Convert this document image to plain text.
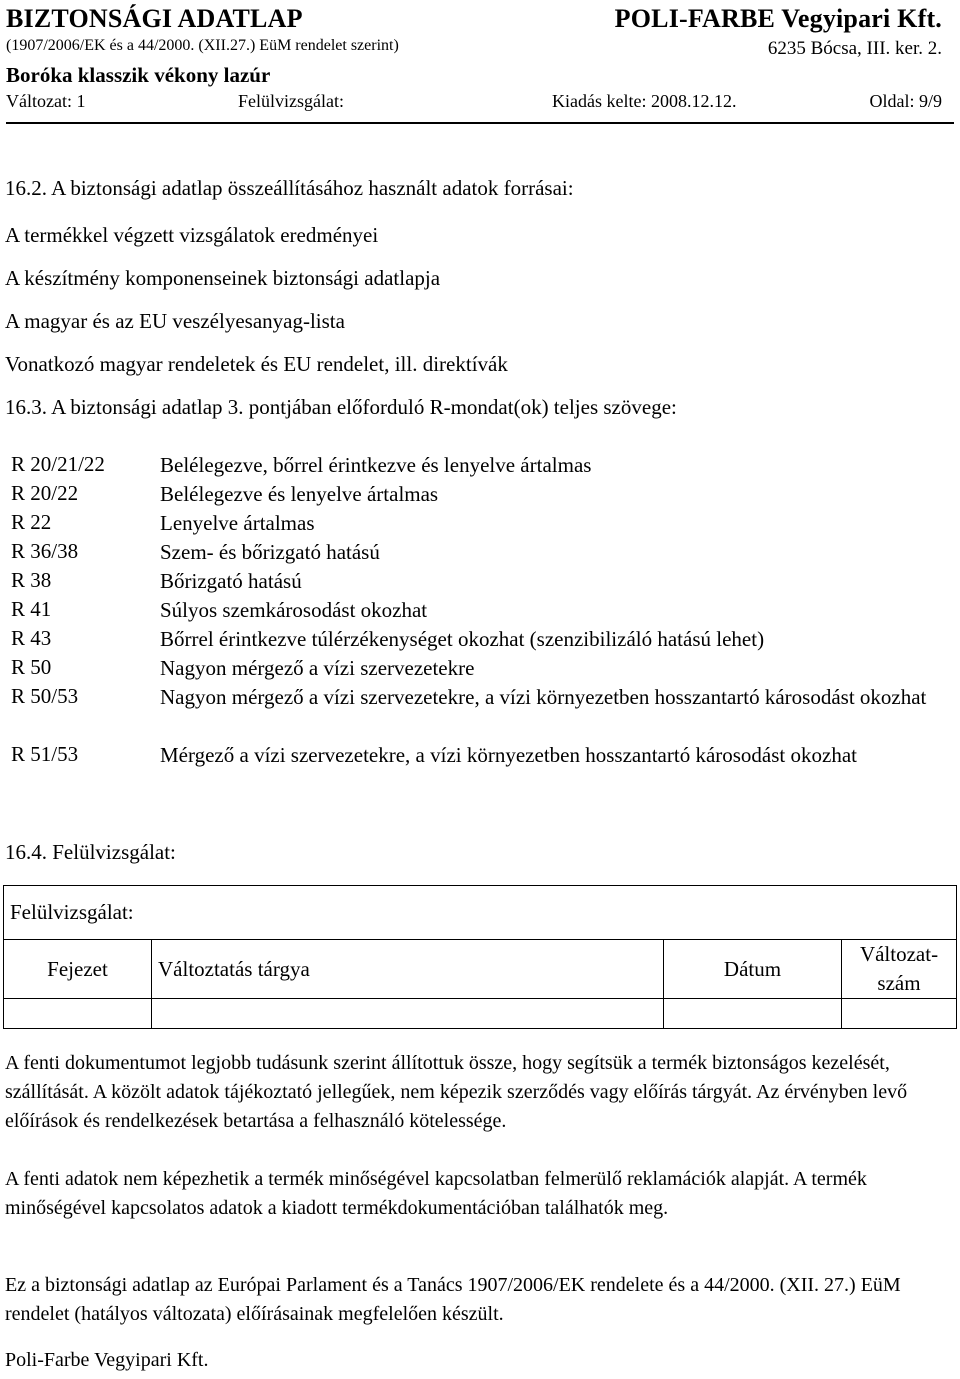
BIZTONSÁGI ADATLAP	POLI-FARBE Vegyipari Kft.
(1907/2006/EK és a 44/2000. (XII.27.) EüM rendelet szerint)	6235 Bócsa, III. ker. 2.
Boróka klasszik vékony lazúr
Változat: 1	Felülvizsgálat:	Kiadás kelte: 2008.12.12.	Oldal: 9/9
16.2. A biztonsági adatlap összeállításához használt adatok forrásai:
A termékkel végzett vizsgálatok eredményei
A készítmény komponenseinek biztonsági adatlapja
A magyar és az EU veszélyesanyag-lista
Vonatkozó magyar rendeletek és EU rendelet, ill. direktívák
16.3. A biztonsági adatlap 3. pontjában előforduló R-mondat(ok) teljes szövege:
R 20/21/22	Belélegezve, bőrrel érintkezve és lenyelve ártalmas
R 20/22	Belélegezve és lenyelve ártalmas
R 22	Lenyelve ártalmas
R 36/38	Szem- és bőrizgató hatású
R 38	Bőrizgató hatású
R 41	Súlyos szemkárosodást okozhat
R 43	Bőrrel érintkezve túlérzékenységet okozhat (szenzibilizáló hatású lehet)
R 50	Nagyon mérgező a vízi szervezetekre
R 50/53	Nagyon mérgező a vízi szervezetekre, a vízi környezetben hosszantartó károsodást okozhat
R 51/53	Mérgező a vízi szervezetekre, a vízi környezetben hosszantartó károsodást okozhat
16.4. Felülvizsgálat:
Felülvizsgálat:			
Fejezet	Változtatás tárgya	Dátum	Változat-
szám

A fenti dokumentumot legjobb tudásunk szerint állítottuk össze, hogy segítsük a termék biztonságos kezelését, szállítását. A közölt adatok tájékoztató jellegűek, nem képezik szerződés vagy előírás tárgyát. Az érvényben levő előírások és rendelkezések betartása a felhasználó kötelessége.
A fenti adatok nem képezhetik a termék minőségével kapcsolatban felmerülő reklamációk alapját. A termék minőségével kapcsolatos adatok a kiadott termékdokumentációban találhatók meg.
Ez a biztonsági adatlap az Európai Parlament és a Tanács 1907/2006/EK rendelete és a 44/2000. (XII. 27.) EüM rendelet (hatályos változata) előírásainak megfelelően készült.
Poli-Farbe Vegyipari Kft.
